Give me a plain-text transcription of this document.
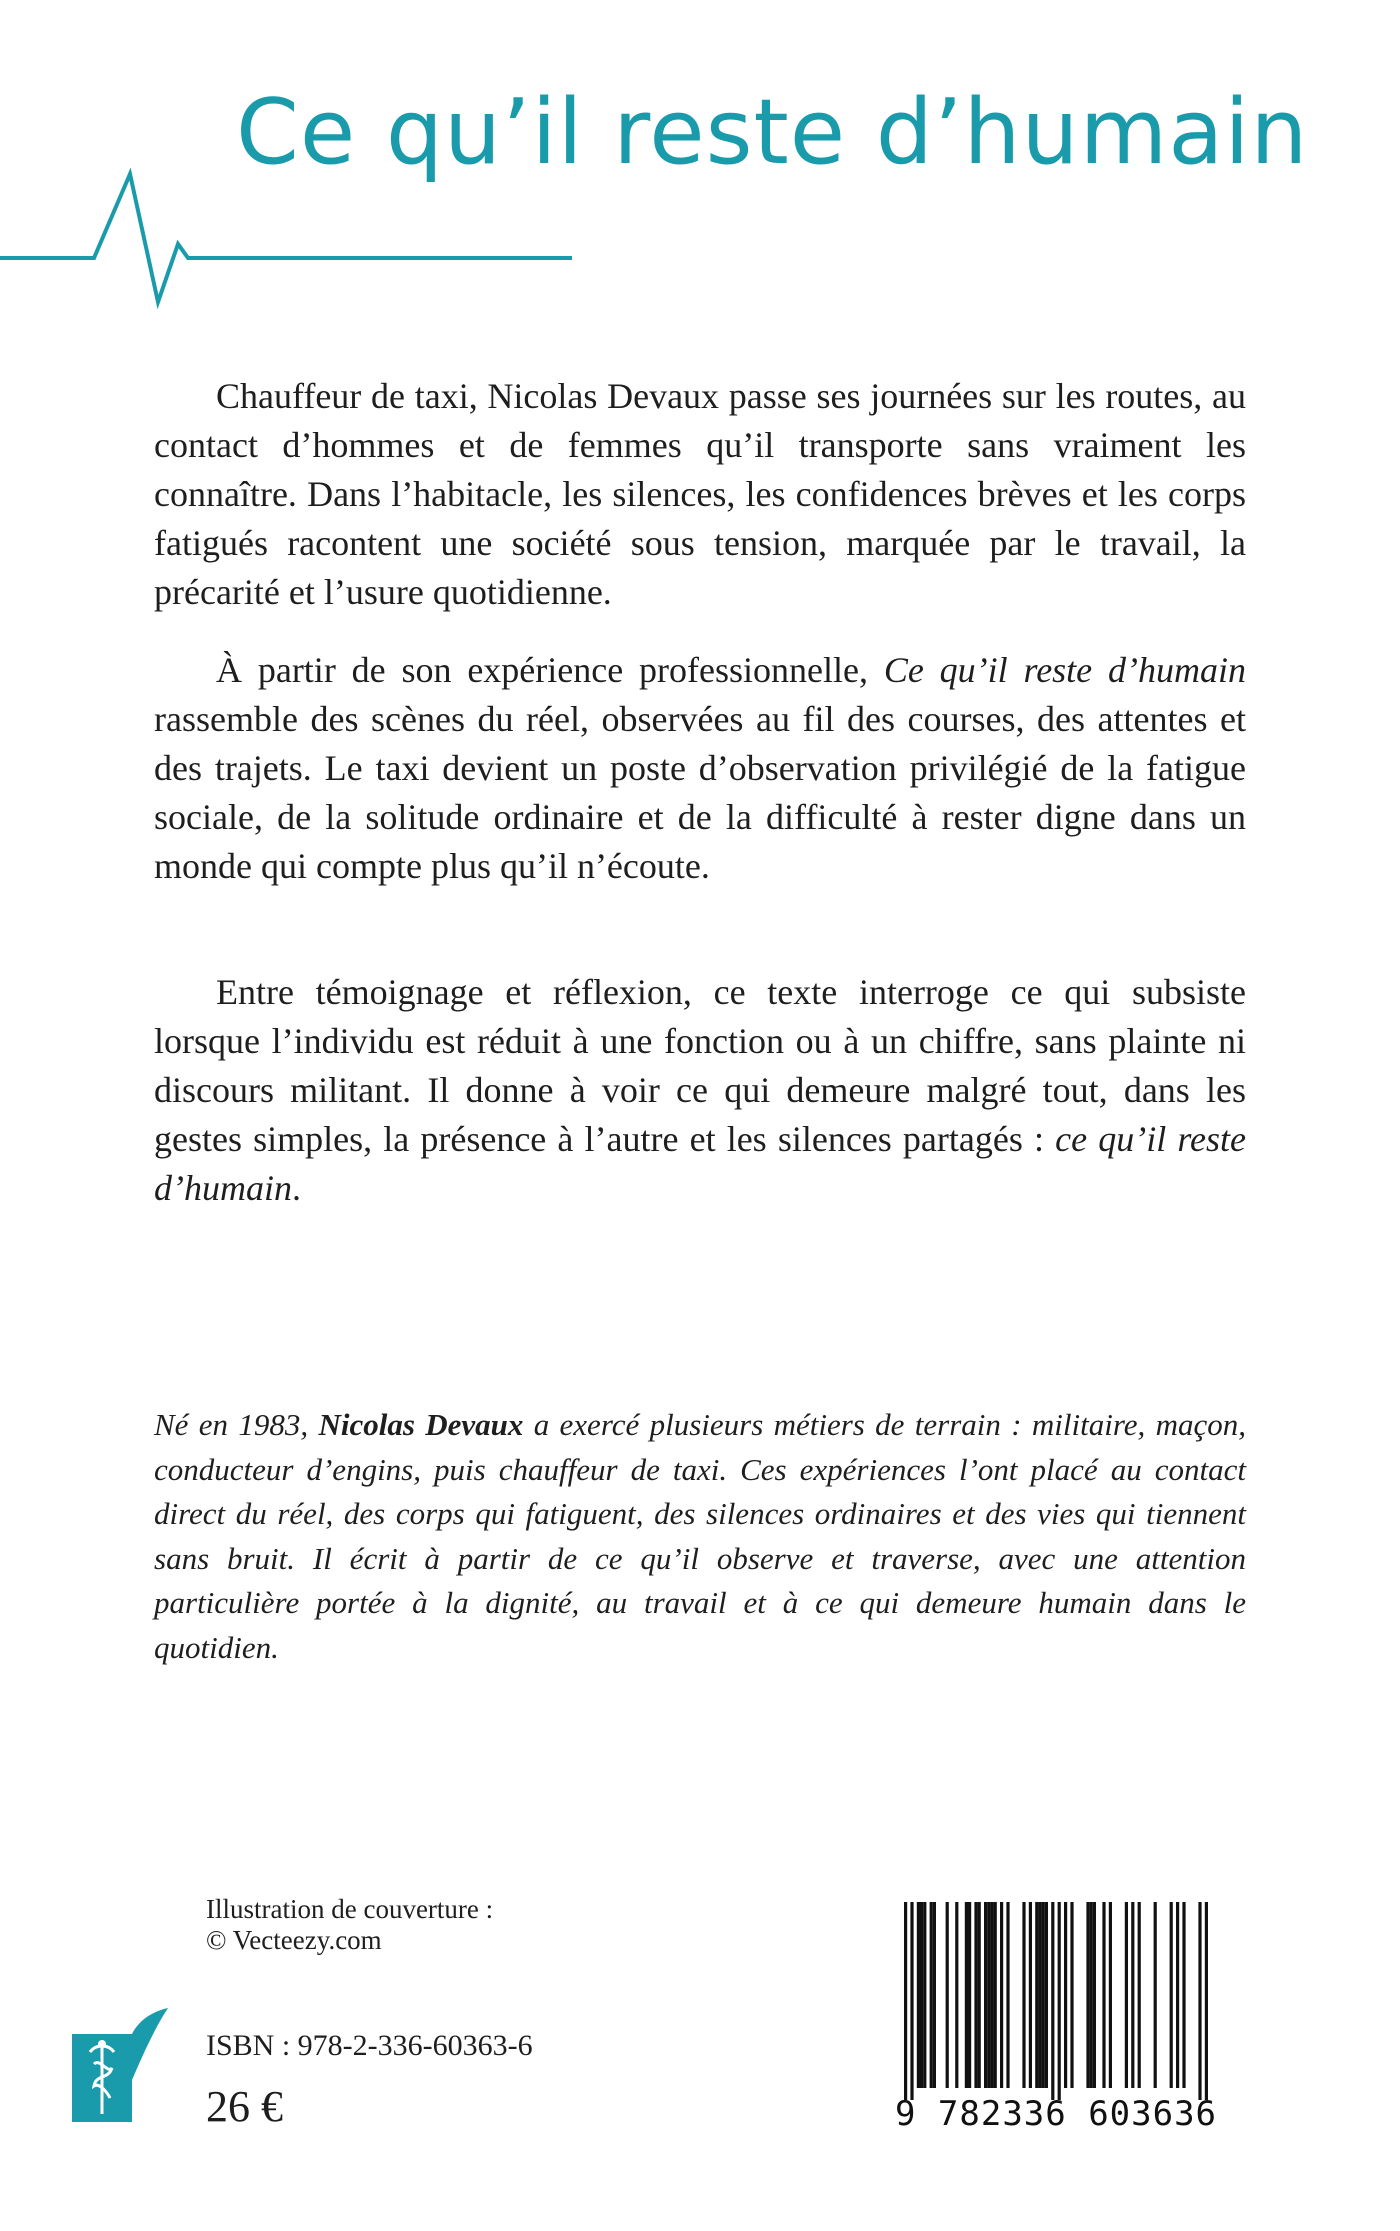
Ce qu’il reste d’humain

Chauffeur de taxi, Nicolas Devaux passe ses journées sur les routes, au contact d’hommes et de femmes qu’il transporte sans vraiment les connaître. Dans l’habitacle, les silences, les confidences brèves et les corps fatigués racontent une société sous tension, marquée par le travail, la précarité et l’usure quotidienne.

À partir de son expérience professionnelle, Ce qu’il reste d’humain rassemble des scènes du réel, observées au fil des courses, des attentes et des trajets. Le taxi devient un poste d’observation privilégié de la fatigue sociale, de la solitude ordinaire et de la difficulté à rester digne dans un monde qui compte plus qu’il n’écoute.

Entre témoignage et réflexion, ce texte interroge ce qui subsiste lorsque l’individu est réduit à une fonction ou à un chiffre, sans plainte ni discours militant. Il donne à voir ce qui demeure malgré tout, dans les gestes simples, la présence à l’autre et les silences partagés : ce qu’il reste d’humain.

Né en 1983, Nicolas Devaux a exercé plusieurs métiers de terrain : militaire, maçon, conducteur d’engins, puis chauffeur de taxi. Ces expériences l’ont placé au contact direct du réel, des corps qui fatiguent, des silences ordinaires et des vies qui tiennent sans bruit. Il écrit à partir de ce qu’il observe et traverse, avec une attention particulière portée à la dignité, au travail et à ce qui demeure humain dans le quotidien.

Illustration de couverture :
© Vecteezy.com
ISBN : 978-2-336-60363-6
26 €	9 782336 603636
